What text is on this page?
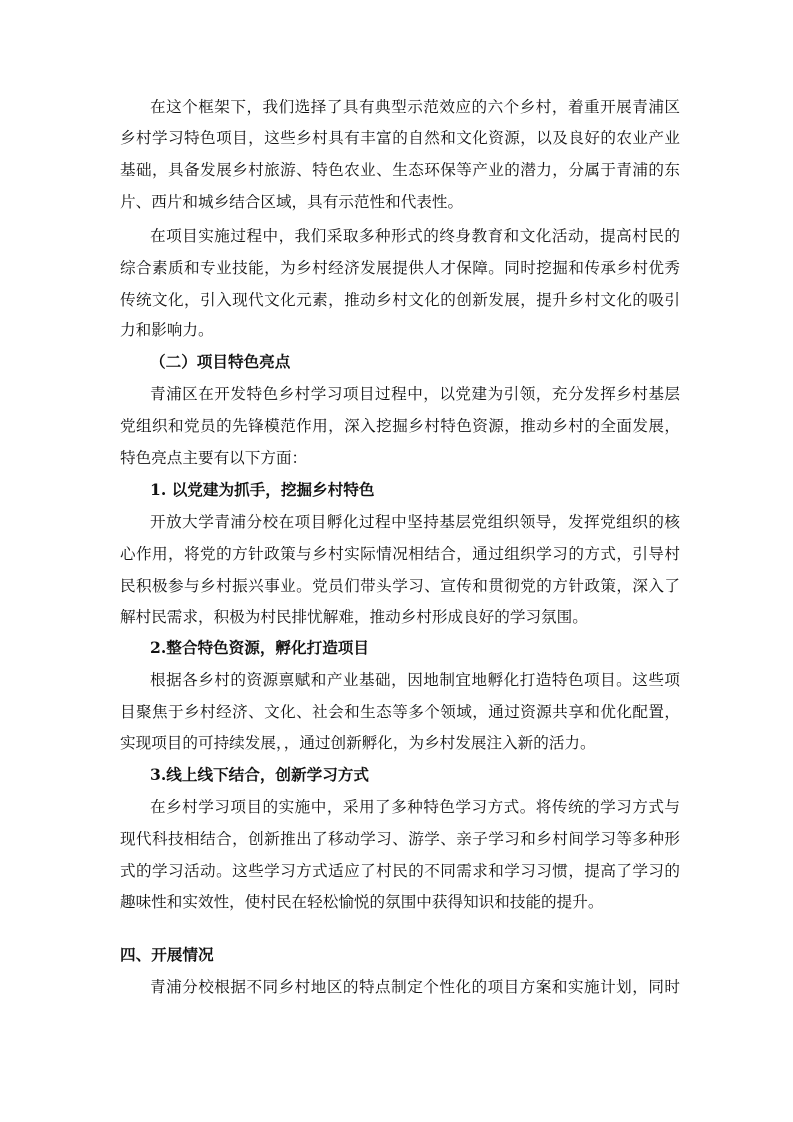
在这个框架下，我们选择了具有典型示范效应的六个乡村，着重开展青浦区
乡村学习特色项目，这些乡村具有丰富的自然和文化资源，以及良好的农业产业
基础，具备发展乡村旅游、特色农业、生态环保等产业的潜力，分属于青浦的东
片、西片和城乡结合区域，具有示范性和代表性。
在项目实施过程中，我们采取多种形式的终身教育和文化活动，提高村民的
综合素质和专业技能，为乡村经济发展提供人才保障。同时挖掘和传承乡村优秀
传统文化，引入现代文化元素，推动乡村文化的创新发展，提升乡村文化的吸引
力和影响力。
（二）项目特色亮点
青浦区在开发特色乡村学习项目过程中，以党建为引领，充分发挥乡村基层
党组织和党员的先锋模范作用，深入挖掘乡村特色资源，推动乡村的全面发展，
特色亮点主要有以下方面：
1. 以党建为抓手，挖掘乡村特色
开放大学青浦分校在项目孵化过程中坚持基层党组织领导，发挥党组织的核
心作用，将党的方针政策与乡村实际情况相结合，通过组织学习的方式，引导村
民积极参与乡村振兴事业。党员们带头学习、宣传和贯彻党的方针政策，深入了
解村民需求，积极为村民排忧解难，推动乡村形成良好的学习氛围。
2.整合特色资源，孵化打造项目
根据各乡村的资源禀赋和产业基础，因地制宜地孵化打造特色项目。这些项
目聚焦于乡村经济、文化、社会和生态等多个领域，通过资源共享和优化配置，
实现项目的可持续发展，，通过创新孵化，为乡村发展注入新的活力。
3.线上线下结合，创新学习方式
在乡村学习项目的实施中，采用了多种特色学习方式。将传统的学习方式与
现代科技相结合，创新推出了移动学习、游学、亲子学习和乡村间学习等多种形
式的学习活动。这些学习方式适应了村民的不同需求和学习习惯，提高了学习的
趣味性和实效性，使村民在轻松愉悦的氛围中获得知识和技能的提升。
四、开展情况
青浦分校根据不同乡村地区的特点制定个性化的项目方案和实施计划，同时
